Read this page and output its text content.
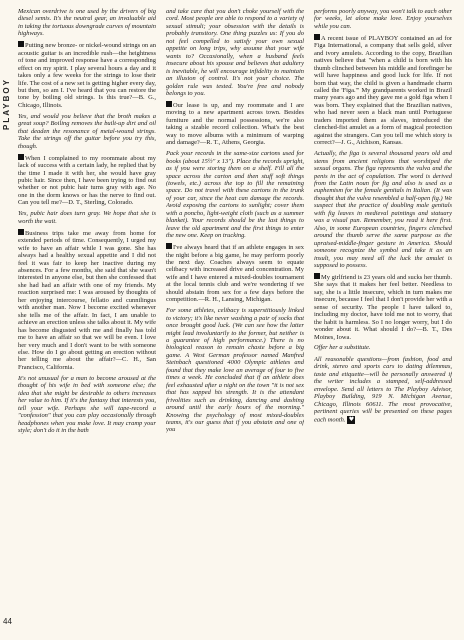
PLAYBOY
44

Mexican overdrive is one used by the drivers of big diesel semis. It's the neutral gear, an invaluable aid in taking the tortuous downgrade curves of mountain highways.

Putting new bronze- or nickel-wound strings on an acoustic guitar is an incredible rush—the heightness of tone and improved response have a corresponding effect on my spirit. I play several hours a day and it takes only a few weeks for the strings to lose their life. The cost of a new set is getting higher every day, but then, so am I. I've heard that you can restore the tone by boiling old strings. Is this true?—B. G., Chicago, Illinois.

Yes, and would you believe that the broth makes a great soup? Boiling removes the built-up dirt and oil that deaden the resonance of metal-wound strings. Take the strings off the guitar before you try this, though.

When I complained to my roommate about my lack of success with a certain lady, he replied that by the time I made it with her, she would have gray pubic hair. Since then, I have been trying to find out whether or not pubic hair turns gray with age. No one in the dorm knows or has the nerve to find out. Can you tell me?—D. T., Sterling, Colorado.

Yes, pubic hair does turn gray. We hope that she is worth the wait.

Business trips take me away from home for extended periods of time. Consequently, I urged my wife to have an affair while I was gone. She has always had a healthy sexual appetite and I did not feel it was fair to keep her inactive during my absences. For a few months, she said that she wasn't interested in anyone else, but then she confessed that she had had an affair with one of my friends. My reaction surprised me: I was aroused by thoughts of her enjoying intercourse, fellatio and cunnilingus with another man. Now I become excited whenever she tells me of the affair. In fact, I am unable to achieve an erection unless she talks about it. My wife has become disgusted with me and finally has told me to have an affair so that we will be even. I love her very much and I don't want to be with someone else. How do I go about getting an erection without her telling me about the affair?—C. H., San Francisco, California.

It's not unusual for a man to become aroused at the thought of his wife in bed with someone else; the idea that she might be desirable to others increases her value to him. If it's the fantasy that interests you, tell your wife. Perhaps she will tape-record a "confession" that you can play occasionally through headphones when you make love. It may cramp your style; don't do it in the bath

and take care that you don't choke yourself with the cord. Most people are able to respond to a variety of sexual stimuli; your obsession with the details is probably transitory. One thing puzzles us: If you do not feel compelled to satisfy your own sexual appetite on long trips, why assume that your wife wants to? Occasionally, when a husband feels insecure about his spouse and believes that adultery is inevitable, he will encourage infidelity to maintain an illusion of control. It's not your choice. The golden rule was tested. You're free and nobody belongs to you.

Our lease is up, and my roommate and I are moving to a new apartment across town. Besides furniture and the normal possessions, we're also taking a sizable record collection. What's the best way to move albums with a minimum of warping and damage?—R. T., Athens, Georgia.

Pack your records in the same-size cartons used for books (about 15½" x 13"). Place the records upright, as if you were storing them on a shelf. Fill all the space across the carton and then stuff soft things (towels, etc.) across the top to fill the remaining space. Do not travel with these cartons in the trunk of your car, since the heat can damage the records. Avoid exposing the cartons to sunlight; cover them with a poncho, light-weight cloth (such as a summer blanket). Your records should be the last things to leave the old apartment and the first things to enter the new one. Keep on trucking.

I've always heard that if an athlete engages in sex the night before a big game, he may perform poorly the next day. Coaches always seem to equate celibacy with increased drive and concentration. My wife and I have entered a mixed-doubles tournament at the local tennis club and we're wondering if we should abstain from sex for a few days before the competition.—R. H., Lansing, Michigan.

For some athletes, celibacy is superstitiously linked to victory; it's like never washing a pair of socks that once brought good luck. (We can see how the latter might lead involuntarily to the former, but neither is a guarantee of high performance.) There is no biological reason to remain chaste before a big game. A West German professor named Manfred Steinbach questioned 4000 Olympic athletes and found that they make love an average of four to five times a week. He concluded that if an athlete does feel exhausted after a night on the town "it is not sex that has sapped his strength. It is the attendant frivolities such as drinking, dancing and dashing around until the early hours of the morning." Knowing the psychology of most mixed-doubles teams, it's our guess that if you abstain and one of you

performs poorly anyway, you won't talk to each other for weeks, let alone make love. Enjoy yourselves while you can.

A recent issue of PLAYBOY contained an ad for Figa International, a company that sells gold, silver and ivory amulets. According to the copy, Brazilian natives believe that "when a child is born with his thumb clinched between his middle and forefinger he will have happiness and good luck for life. If not born that way, the child is given a handmade charm called the 'Figa.'" My grandparents worked in Brazil many years ago and they gave me a gold figa when I was born. They explained that the Brazilian natives, who had never seen a black man until Portuguese traders imported them as slaves, introduced the clenched-fist amulet as a form of magical protection against the strangers. Can you tell me which story is correct?—J. G., Atchison, Kansas.

Actually, the figa is several thousand years old and stems from ancient religions that worshiped the sexual organs. The figa represents the vulva and the penis in the act of copulation. The word is derived from the Latin noun for fig and also is used as a euphemism for the female genitals in Italian. (It was thought that the vulva resembled a half-open fig.) We suspect that the practice of doubling male genitals with fig leaves in medieval paintings and statuary was a visual pun. Remember, you read it here first. Also, in some European countries, fingers clenched around the thumb serve the same purpose as the upraised-middle-finger gesture in America. Should someone recognize the symbol and take it as an insult, you may need all the luck the amulet is supposed to possess.

My girlfriend is 23 years old and sucks her thumb. She says that it makes her feel better. Needless to say, she is a little insecure, which in turn makes me insecure, because I feel that I don't provide her with a sense of security. The people I have talked to, including my doctor, have told me not to worry, that the habit is harmless. So I no longer worry, but I do wonder about it. What should I do?—B. T., Des Moines, Iowa.

Offer her a substitute.

All reasonable questions—from fashion, food and drink, stereo and sports cars to dating dilemmas, taste and etiquette—will be personally answered if the writer includes a stamped, self-addressed envelope. Send all letters to The Playboy Advisor, Playboy Building, 919 N. Michigan Avenue, Chicago, Illinois 60611. The most provocative, pertinent queries will be presented on these pages each month. ♥
